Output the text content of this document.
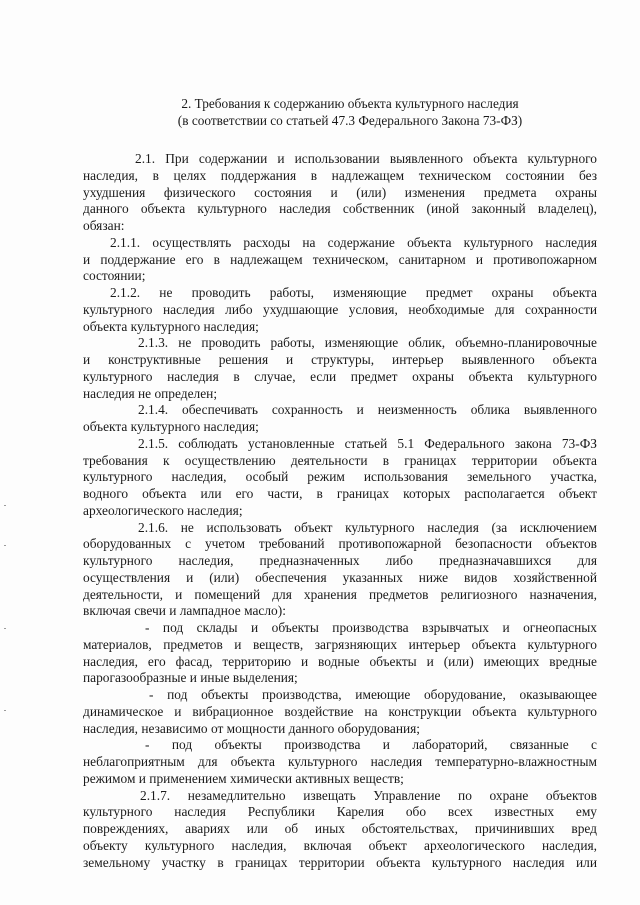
2. Требования к содержанию объекта культурного наследия
(в соответствии со статьей 47.3 Федерального Закона 73-ФЗ)
2.1. При содержании и использовании выявленного объекта культурного
наследия, в целях поддержания в надлежащем техническом состоянии без
ухудшения физического состояния и (или) изменения предмета охраны
данного объекта культурного наследия собственник (иной законный владелец),
обязан:
2.1.1. осуществлять расходы на содержание объекта культурного наследия
и поддержание его в надлежащем техническом, санитарном и противопожарном
состоянии;
2.1.2. не проводить работы, изменяющие предмет охраны объекта
культурного наследия либо ухудшающие условия, необходимые для сохранности
объекта культурного наследия;
2.1.3. не проводить работы, изменяющие облик, объемно-планировочные
и конструктивные решения и структуры, интерьер выявленного объекта
культурного наследия в случае, если предмет охраны объекта культурного
наследия не определен;
2.1.4. обеспечивать сохранность и неизменность облика выявленного
объекта культурного наследия;
2.1.5. соблюдать установленные статьей 5.1 Федерального закона 73-ФЗ
требования к осуществлению деятельности в границах территории объекта
культурного наследия, особый режим использования земельного участка,
водного объекта или его части, в границах которых располагается объект
археологического наследия;
2.1.6. не использовать объект культурного наследия (за исключением
оборудованных с учетом требований противопожарной безопасности объектов
культурного наследия, предназначенных либо предназначавшихся для
осуществления и (или) обеспечения указанных ниже видов хозяйственной
деятельности, и помещений для хранения предметов религиозного назначения,
включая свечи и лампадное масло):
- под склады и объекты производства взрывчатых и огнеопасных
материалов, предметов и веществ, загрязняющих интерьер объекта культурного
наследия, его фасад, территорию и водные объекты и (или) имеющих вредные
парогазообразные и иные выделения;
- под объекты производства, имеющие оборудование, оказывающее
динамическое и вибрационное воздействие на конструкции объекта культурного
наследия, независимо от мощности данного оборудования;
- под объекты производства и лабораторий, связанные с
неблагоприятным для объекта культурного наследия температурно-влажностным
режимом и применением химически активных веществ;
2.1.7. незамедлительно извещать Управление по охране объектов
культурного наследия Республики Карелия обо всех известных ему
повреждениях, авариях или об иных обстоятельствах, причинивших вред
объекту культурного наследия, включая объект археологического наследия,
земельному участку в границах территории объекта культурного наследия или
